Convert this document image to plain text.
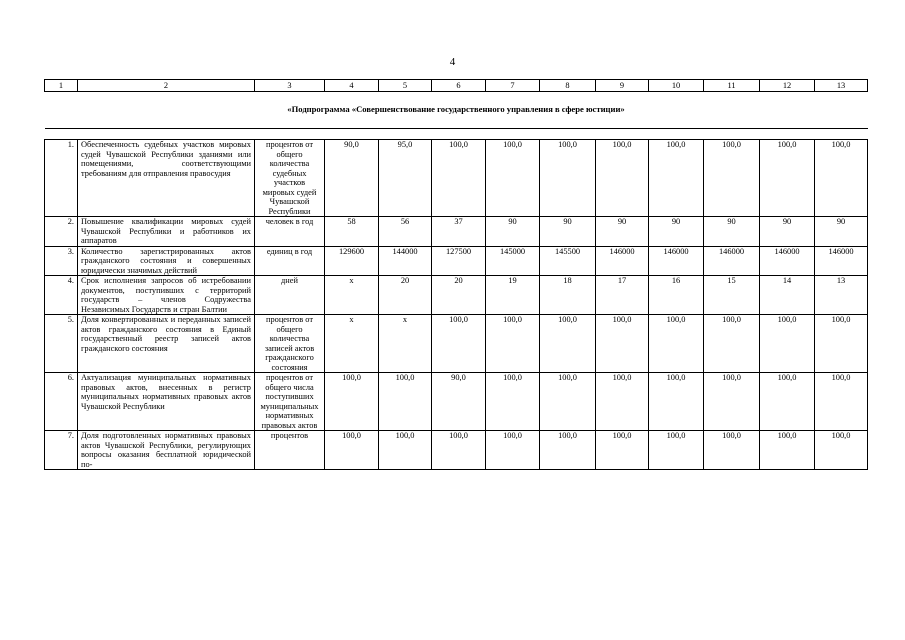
4
1	2	3	4	5	6	7	8	9	10	11	12	13
«Подпрограмма «Совершенствование государственного управления в сфере юстиции»												

1.	Обеспеченность судебных участков мировых судей Чувашской Республики зданиями или помещениями, соответствующими требованиям для отправления правосудия	процентов от общего количества судебных участков мировых судей Чувашской Республики	90,0	95,0	100,0	100,0	100,0	100,0	100,0	100,0	100,0	100,0
2.	Повышение квалификации мировых судей Чувашской Республики и работников их аппаратов	человек в год	58	56	37	90	90	90	90	90	90	90
3.	Количество зарегистрированных актов гражданского состояния и совершенных юридически значимых действий	единиц в год	129600	144000	127500	145000	145500	146000	146000	146000	146000	146000
4.	Срок исполнения запросов об истребовании документов, поступивших с территорий государств – членов Содружества Независимых Государств и стран Балтии	дней	х	20	20	19	18	17	16	15	14	13
5.	Доля конвертированных и переданных записей актов гражданского состояния в Единый государственный реестр записей актов гражданского состояния	процентов от общего количества записей актов гражданского состояния	х	х	100,0	100,0	100,0	100,0	100,0	100,0	100,0	100,0
6.	Актуализация муниципальных нормативных правовых актов, внесенных в регистр муниципальных нормативных правовых актов Чувашской Республики	процентов от общего числа поступивших муниципальных нормативных правовых актов	100,0	100,0	90,0	100,0	100,0	100,0	100,0	100,0	100,0	100,0
7.	Доля подготовленных нормативных правовых актов Чувашской Республики, регулирующих вопросы оказания бесплатной юридической по-	процентов	100,0	100,0	100,0	100,0	100,0	100,0	100,0	100,0	100,0	100,0
